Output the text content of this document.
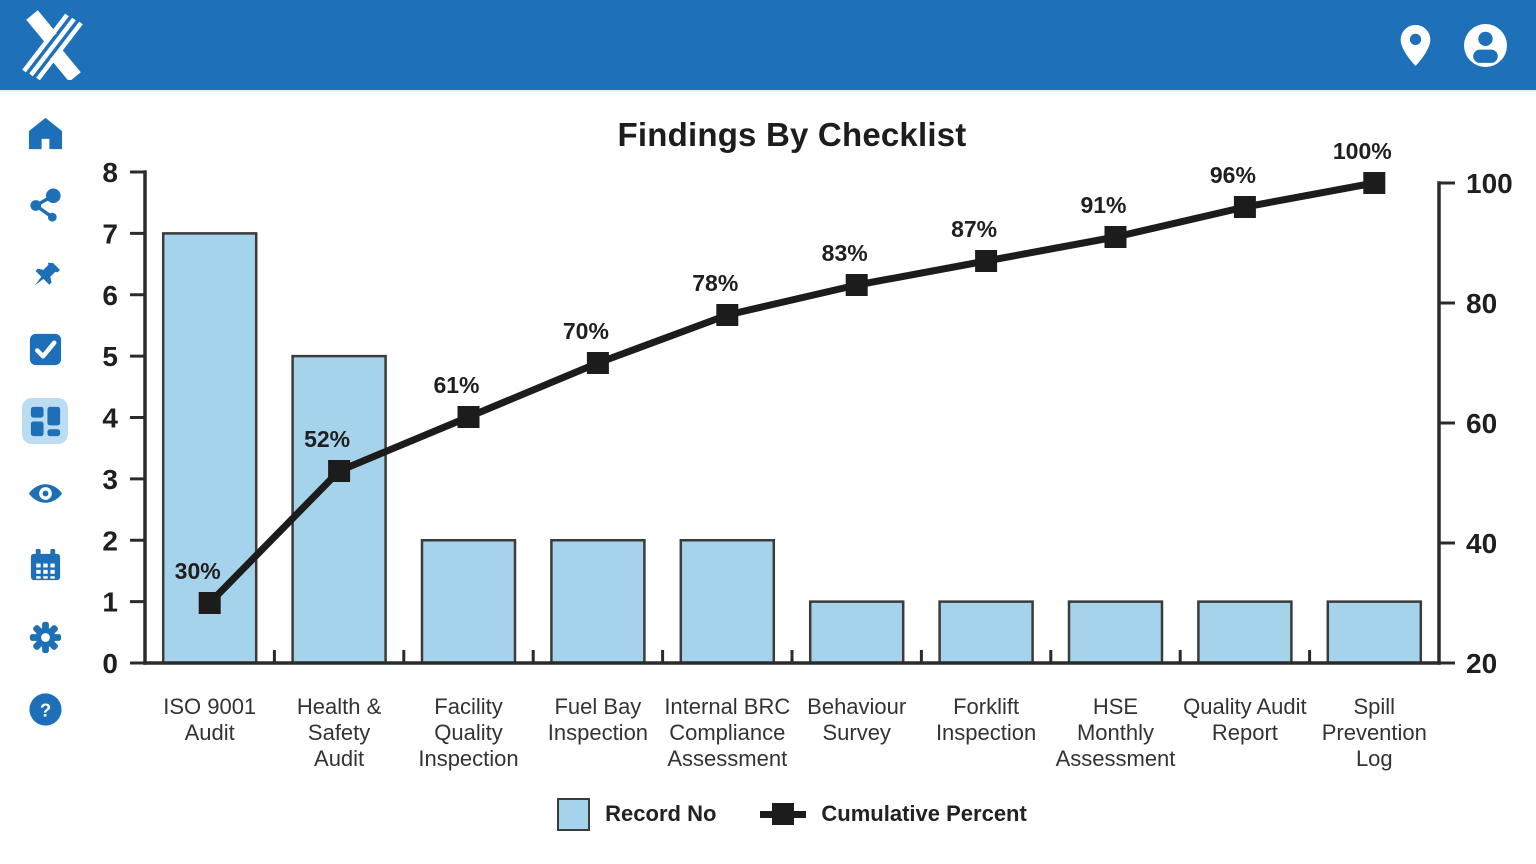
?
Findings By Checklist
0
1
2
3
4
5
6
7
8
20
40
60
80
100
ISO 9001
Audit
Health &
Safety
Audit
Facility
Quality
Inspection
Fuel Bay
Inspection
Internal BRC
Compliance
Assessment
Behaviour
Survey
Forklift
Inspection
HSE
Monthly
Assessment
Quality Audit
Report
Spill
Prevention
Log
30%
52%
61%
70%
78%
83%
87%
91%
96%
100%
Record No	Cumulative Percent
